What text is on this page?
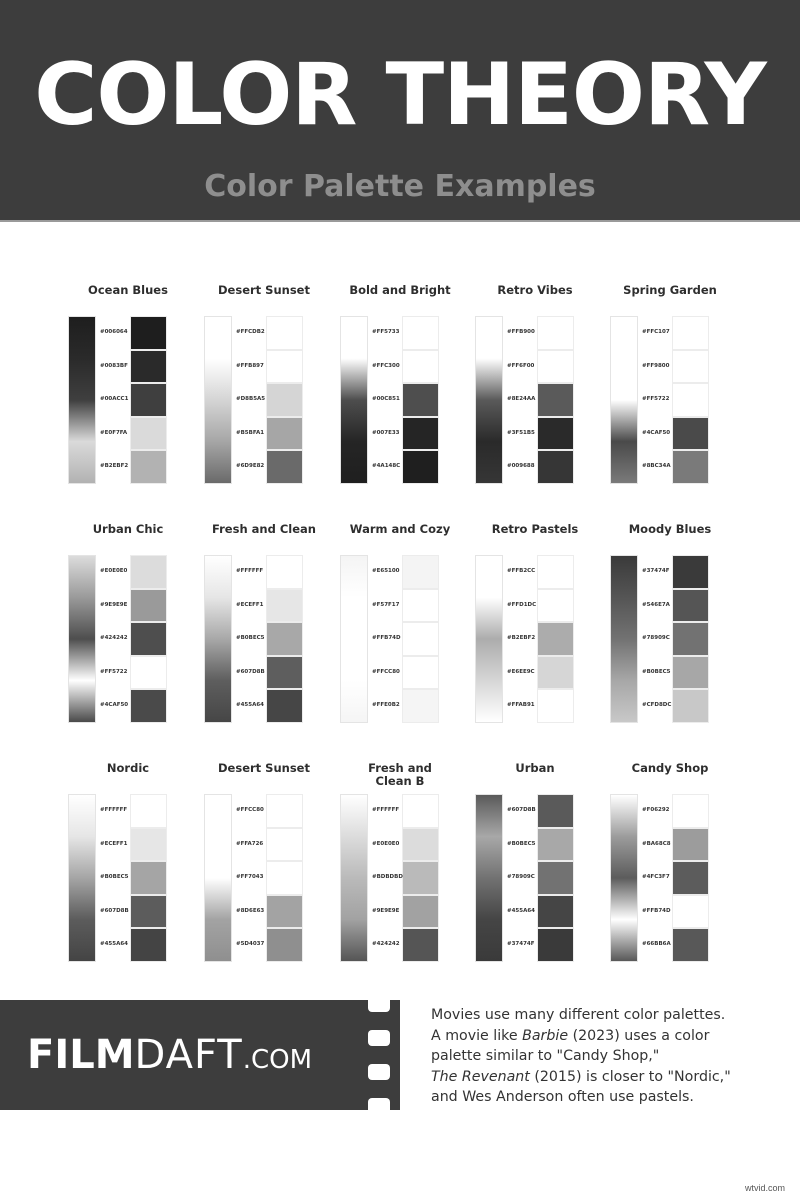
COLOR THEORY
Color Palette Examples
Ocean Blues
#006064
#0083BF
#00ACC1
#E0F7FA
#B2EBF2
Desert Sunset
#FFCDB2
#FFB897
#D8B5A5
#B5BFA1
#6D9E82
Bold and Bright
#FF5733
#FFC300
#00C851
#007E33
#4A148C
Retro Vibes
#FFB900
#FF6F00
#8E24AA
#3F51B5
#009688
Spring Garden
#FFC107
#FF9800
#FF5722
#4CAF50
#8BC34A
Urban Chic
#E0E0E0
#9E9E9E
#424242
#FF5722
#4CAF50
Fresh and Clean
#FFFFFF
#ECEFF1
#B0BEC5
#607D8B
#455A64
Warm and Cozy
#E65100
#F57F17
#FFB74D
#FFCC80
#FFE0B2
Retro Pastels
#FFB2CC
#FFD1DC
#B2EBF2
#E6EE9C
#FFAB91
Moody Blues
#37474F
#546E7A
#78909C
#B0BEC5
#CFD8DC
Nordic
#FFFFFF
#ECEFF1
#B0BEC5
#607D8B
#455A64
Desert Sunset
#FFCC80
#FFA726
#FF7043
#8D6E63
#5D4037
Fresh and Clean B
#FFFFFF
#E0E0E0
#BDBDBD
#9E9E9E
#424242
Urban
#607D8B
#B0BEC5
#78909C
#455A64
#37474F
Candy Shop
#F06292
#BA68C8
#4FC3F7
#FFB74D
#66BB6A
FILMDAFT.COM

Movies use many different color palettes.

A movie like Barbie (2023) uses a color

palette similar to "Candy Shop,"

The Revenant (2015) is closer to "Nordic,"

and Wes Anderson often use pastels.

wtvid.com
